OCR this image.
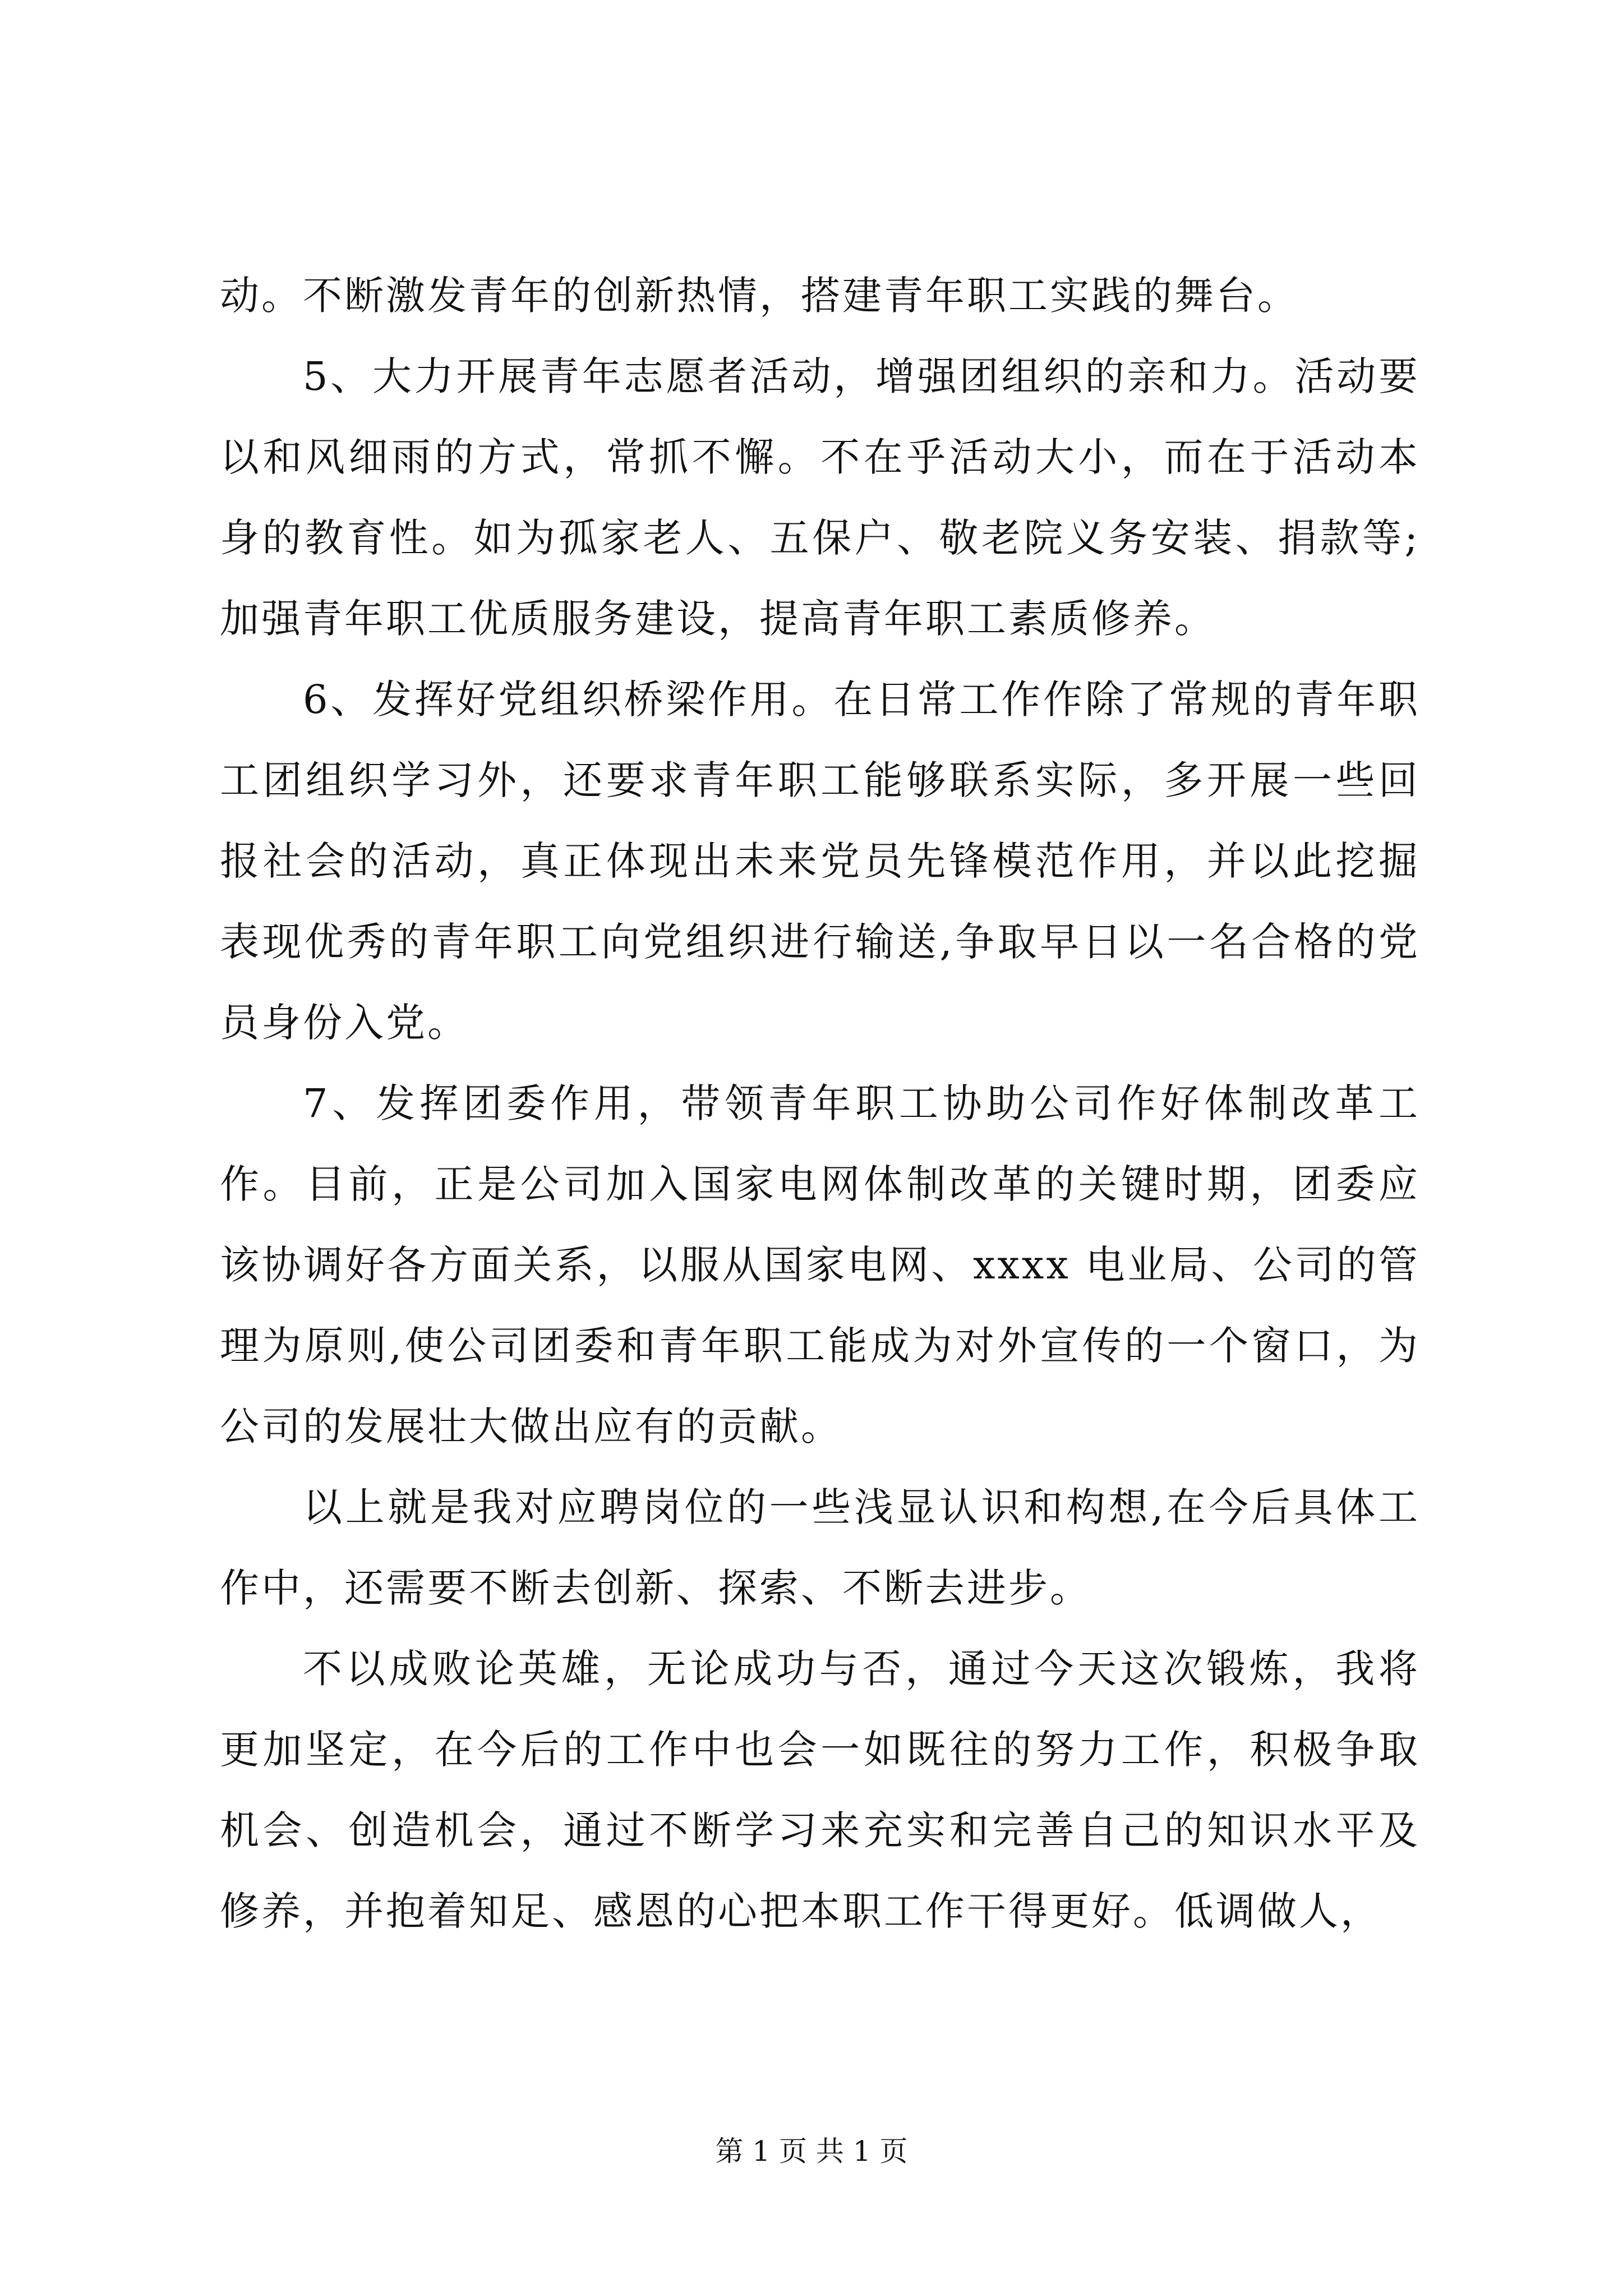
动。不断激发青年的创新热情，搭建青年职工实践的舞台。

5、大力开展青年志愿者活动，增强团组织的亲和力。活动要以和风细雨的方式，常抓不懈。不在乎活动大小，而在于活动本身的教育性。如为孤家老人、五保户、敬老院义务安装、捐款等;加强青年职工优质服务建设，提高青年职工素质修养。

6、发挥好党组织桥梁作用。在日常工作作除了常规的青年职工团组织学习外，还要求青年职工能够联系实际，多开展一些回报社会的活动，真正体现出未来党员先锋模范作用，并以此挖掘表现优秀的青年职工向党组织进行输送,争取早日以一名合格的党员身份入党。

7、发挥团委作用，带领青年职工协助公司作好体制改革工作。目前，正是公司加入国家电网体制改革的关键时期，团委应该协调好各方面关系，以服从国家电网、xxxx 电业局、公司的管理为原则,使公司团委和青年职工能成为对外宣传的一个窗口，为公司的发展壮大做出应有的贡献。

以上就是我对应聘岗位的一些浅显认识和构想,在今后具体工作中，还需要不断去创新、探索、不断去进步。

不以成败论英雄，无论成功与否，通过今天这次锻炼，我将更加坚定，在今后的工作中也会一如既往的努力工作，积极争取机会、创造机会，通过不断学习来充实和完善自己的知识水平及修养，并抱着知足、感恩的心把本职工作干得更好。低调做人，

第 1 页 共 1 页
